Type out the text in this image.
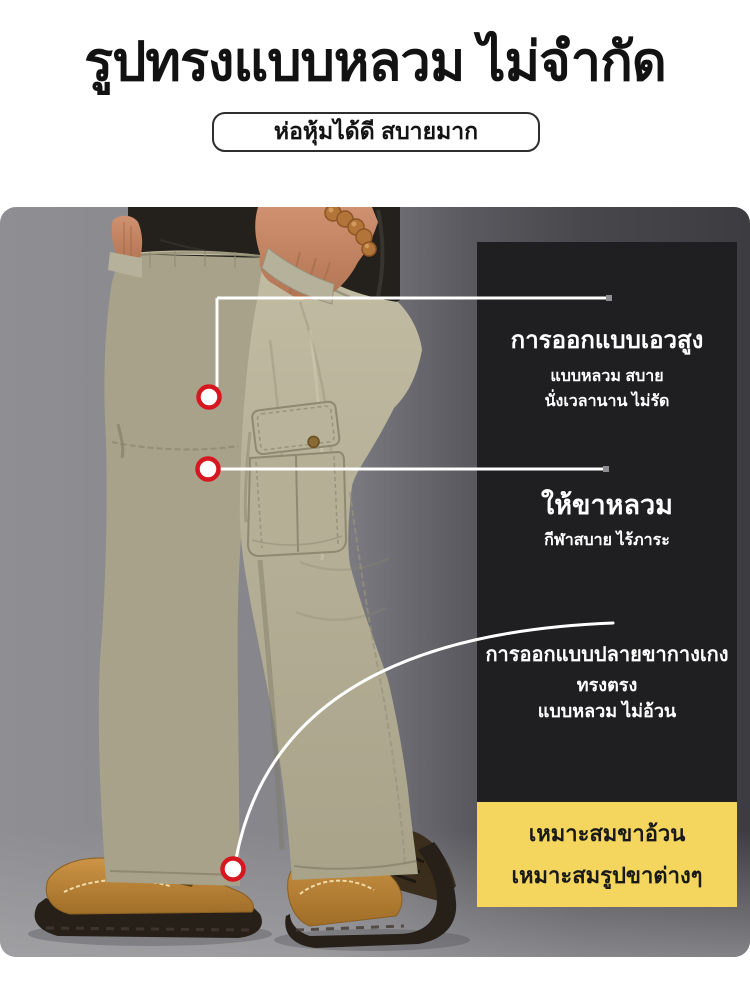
รูปทรงแบบหลวม ไม่จำกัด
ห่อหุ้มได้ดี สบายมาก
การออกแบบเอวสูง
แบบหลวม สบาย
นั่งเวลานาน ไม่รัด
ให้ขาหลวม
กีฬาสบาย ไร้ภาระ
การออกแบบปลายขากางเกง
ทรงตรง
แบบหลวม ไม่อ้วน
เหมาะสมขาอ้วน
เหมาะสมรูปขาต่างๆ
